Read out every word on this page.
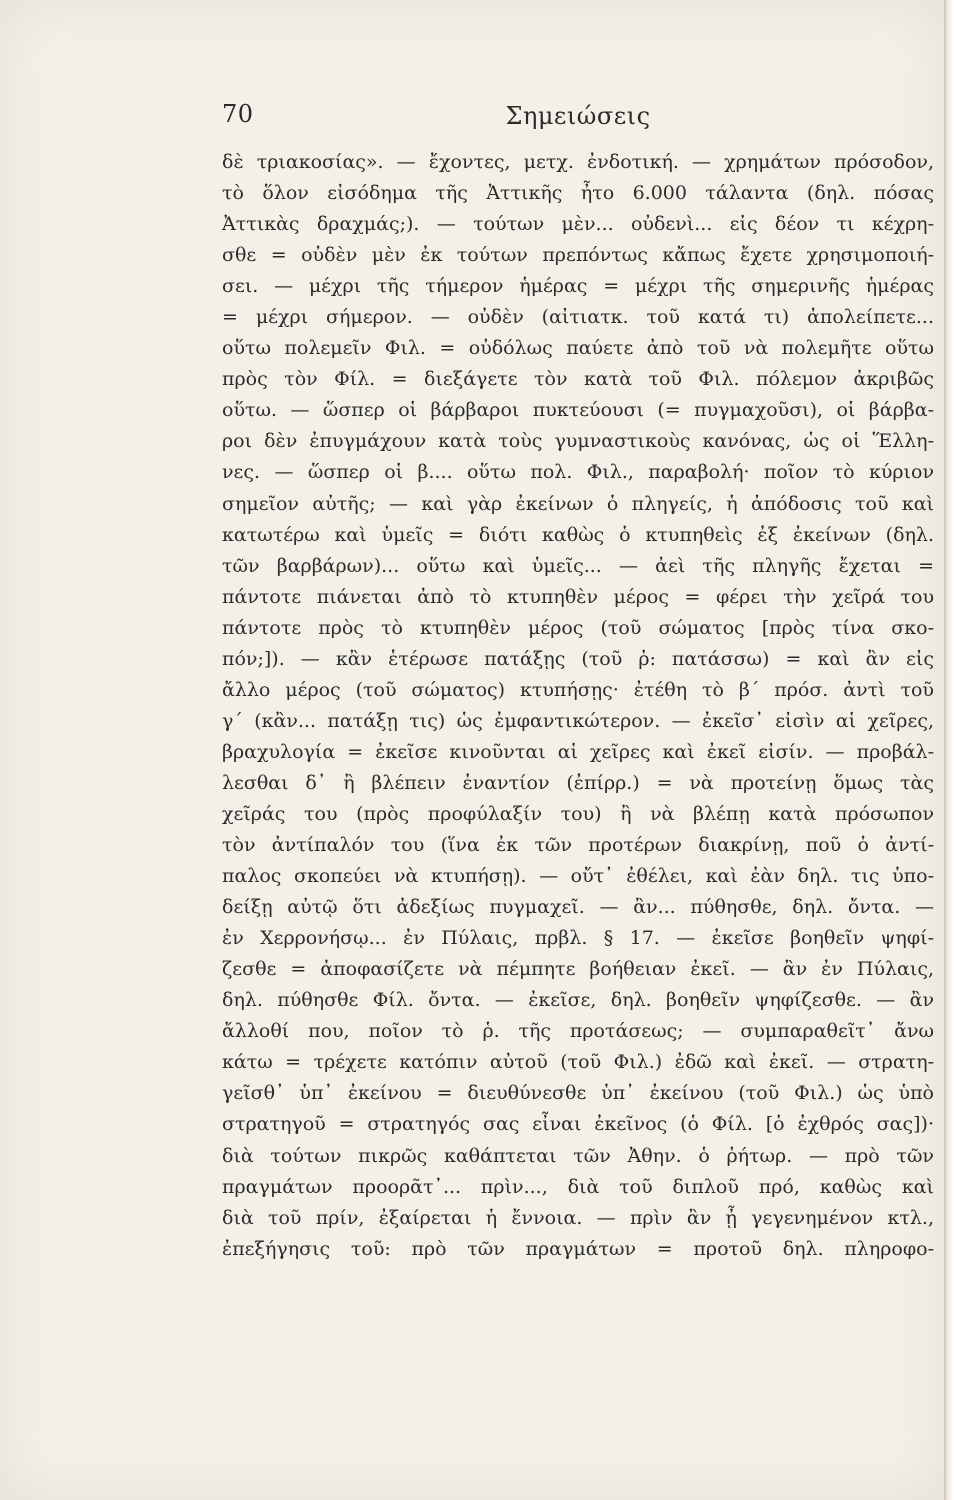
70	Σημειώσεις
δὲ τριακοσίας». — ἔχοντες, μετχ. ἐνδοτική. — χρημάτων πρόσοδον,
τὸ ὅλον εἰσόδημα τῆς Ἀττικῆς ἦτο 6.000 τάλαντα (δηλ. πόσας
Ἀττικὰς δραχμάς;). — τούτων μὲν... οὐδενὶ... εἰς δέον τι κέχρη-
σθε = οὐδὲν μὲν ἐκ τούτων πρεπόντως κἄπως ἔχετε χρησιμοποιή-
σει. — μέχρι τῆς τήμερον ἡμέρας = μέχρι τῆς σημερινῆς ἡμέρας
= μέχρι σήμερον. — οὐδὲν (αἰτιατκ. τοῦ κατά τι) ἀπολείπετε...
οὕτω πολεμεῖν Φιλ. = οὐδόλως παύετε ἀπὸ τοῦ νὰ πολεμῆτε οὕτω
πρὸς τὸν Φίλ. = διεξάγετε τὸν κατὰ τοῦ Φιλ. πόλεμον ἀκριβῶς
οὕτω. — ὥσπερ οἱ βάρβαροι πυκτεύουσι (= πυγμαχοῦσι), οἱ βάρβα-
ροι δὲν ἐπυγμάχουν κατὰ τοὺς γυμναστικοὺς κανόνας, ὡς οἱ Ἕλλη-
νες. — ὥσπερ οἱ β.... οὕτω πολ. Φιλ., παραβολή· ποῖον τὸ κύριον
σημεῖον αὐτῆς; — καὶ γὰρ ἐκείνων ὁ πληγείς, ἡ ἀπόδοσις τοῦ καὶ
κατωτέρω καὶ ὑμεῖς = διότι καθὼς ὁ κτυπηθεὶς ἐξ ἐκείνων (δηλ.
τῶν βαρβάρων)... οὕτω καὶ ὑμεῖς... — ἀεὶ τῆς πληγῆς ἔχεται =
πάντοτε πιάνεται ἀπὸ τὸ κτυπηθὲν μέρος = φέρει τὴν χεῖρά του
πάντοτε πρὸς τὸ κτυπηθὲν μέρος (τοῦ σώματος [πρὸς τίνα σκο-
πόν;]). — κἂν ἑτέρωσε πατάξῃς (τοῦ ῥ: πατάσσω) = καὶ ἂν εἰς
ἄλλο μέρος (τοῦ σώματος) κτυπήσῃς· ἐτέθη τὸ β΄ πρόσ. ἀντὶ τοῦ
γ΄ (κἂν... πατάξῃ τις) ὡς ἐμφαντικώτερον. — ἐκεῖσ᾽ εἰσὶν αἱ χεῖρες,
βραχυλογία = ἐκεῖσε κινοῦνται αἱ χεῖρες καὶ ἐκεῖ εἰσίν. — προβάλ-
λεσθαι δ᾽ ἢ βλέπειν ἐναντίον (ἐπίρρ.) = νὰ προτείνῃ ὅμως τὰς
χεῖράς του (πρὸς προφύλαξίν του) ἢ νὰ βλέπῃ κατὰ πρόσωπον
τὸν ἀντίπαλόν του (ἵνα ἐκ τῶν προτέρων διακρίνῃ, ποῦ ὁ ἀντί-
παλος σκοπεύει νὰ κτυπήσῃ). — οὔτ᾽ ἐθέλει, καὶ ἐὰν δηλ. τις ὑπο-
δείξῃ αὐτῷ ὅτι ἀδεξίως πυγμαχεῖ. — ἂν... πύθησθε, δηλ. ὄντα. —
ἐν Χερρονήσῳ... ἐν Πύλαις, πρβλ. § 17. — ἐκεῖσε βοηθεῖν ψηφί-
ζεσθε = ἀποφασίζετε νὰ πέμπητε βοήθειαν ἐκεῖ. — ἂν ἐν Πύλαις,
δηλ. πύθησθε Φίλ. ὄντα. — ἐκεῖσε, δηλ. βοηθεῖν ψηφίζεσθε. — ἂν
ἄλλοθί που, ποῖον τὸ ῥ. τῆς προτάσεως; — συμπαραθεῖτ᾽ ἄνω
κάτω = τρέχετε κατόπιν αὐτοῦ (τοῦ Φιλ.) ἐδῶ καὶ ἐκεῖ. — στρατη-
γεῖσθ᾽ ὑπ᾽ ἐκείνου = διευθύνεσθε ὑπ᾽ ἐκείνου (τοῦ Φιλ.) ὡς ὑπὸ
στρατηγοῦ = στρατηγός σας εἶναι ἐκεῖνος (ὁ Φίλ. [ὁ ἐχθρός σας])·
διὰ τούτων πικρῶς καθάπτεται τῶν Ἀθην. ὁ ῥήτωρ. — πρὸ τῶν
πραγμάτων προορᾶτ᾽... πρὶν..., διὰ τοῦ διπλοῦ πρό, καθὼς καὶ
διὰ τοῦ πρίν, ἐξαίρεται ἡ ἔννοια. — πρὶν ἂν ᾖ γεγενημένον κτλ.,
ἐπεξήγησις τοῦ: πρὸ τῶν πραγμάτων = προτοῦ δηλ. πληροφο-
